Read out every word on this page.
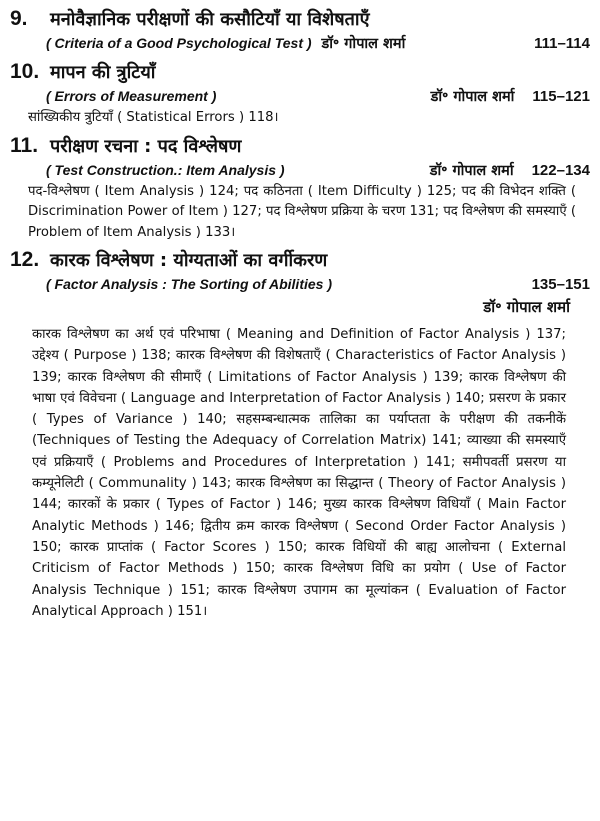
9.	मनोवैज्ञानिक परीक्षणों की कसौटियाँ या विशेषताएँ
( Criteria of a Good Psychological Test ) डॉ॰ गोपाल शर्मा	111–114
10. मापन की त्रुटियाँ
( Errors of Measurement )	डॉ॰ गोपाल शर्मा 115–121
सांख्यिकीय त्रुटियाँ ( Statistical Errors ) 118।
11. परीक्षण रचना : पद विश्लेषण
( Test Construction.: Item Analysis )	डॉ॰ गोपाल शर्मा 122–134
पद-विश्लेषण ( Item Analysis ) 124; पद कठिनता ( Item Difficulty ) 125; पद की विभेदन शक्ति ( Discrimination Power of Item ) 127; पद विश्लेषण प्रक्रिया के चरण 131; पद विश्लेषण की समस्याएँ ( Problem of Item Analysis ) 133।
12. कारक विश्लेषण : योग्यताओं का वर्गीकरण
( Factor Analysis : The Sorting of Abilities )	135–151
डॉ॰ गोपाल शर्मा
कारक विश्लेषण का अर्थ एवं परिभाषा ( Meaning and Definition of Factor Analysis ) 137; उद्देश्य ( Purpose ) 138; कारक विश्लेषण की विशेषताएँ ( Characteristics of Factor Analysis ) 139; कारक विश्लेषण की सीमाएँ ( Limitations of Factor Analysis ) 139; कारक विश्लेषण की भाषा एवं विवेचना ( Language and Interpretation of Factor Analysis ) 140; प्रसरण के प्रकार ( Types of Variance ) 140; सहसम्बन्धात्मक तालिका का पर्याप्तता के परीक्षण की तकनीकें (Techniques of Testing the Adequacy of Correlation Matrix) 141; व्याख्या की समस्याएँ एवं प्रक्रियाएँ ( Problems and Procedures of Interpretation ) 141; समीपवर्ती प्रसरण या कम्यूनेलिटी ( Communality ) 143; कारक विश्लेषण का सिद्धान्त ( Theory of Factor Analysis ) 144; कारकों के प्रकार ( Types of Factor ) 146; मुख्य कारक विश्लेषण विधियाँ ( Main Factor Analytic Methods ) 146; द्वितीय क्रम कारक विश्लेषण ( Second Order Factor Analysis ) 150; कारक प्राप्तांक ( Factor Scores ) 150; कारक विधियों की बाह्य आलोचना ( External Criticism of Factor Methods ) 150; कारक विश्लेषण विधि का प्रयोग ( Use of Factor Analysis Technique ) 151; कारक विश्लेषण उपागम का मूल्यांकन ( Evaluation of Factor Analytical Approach ) 151।
